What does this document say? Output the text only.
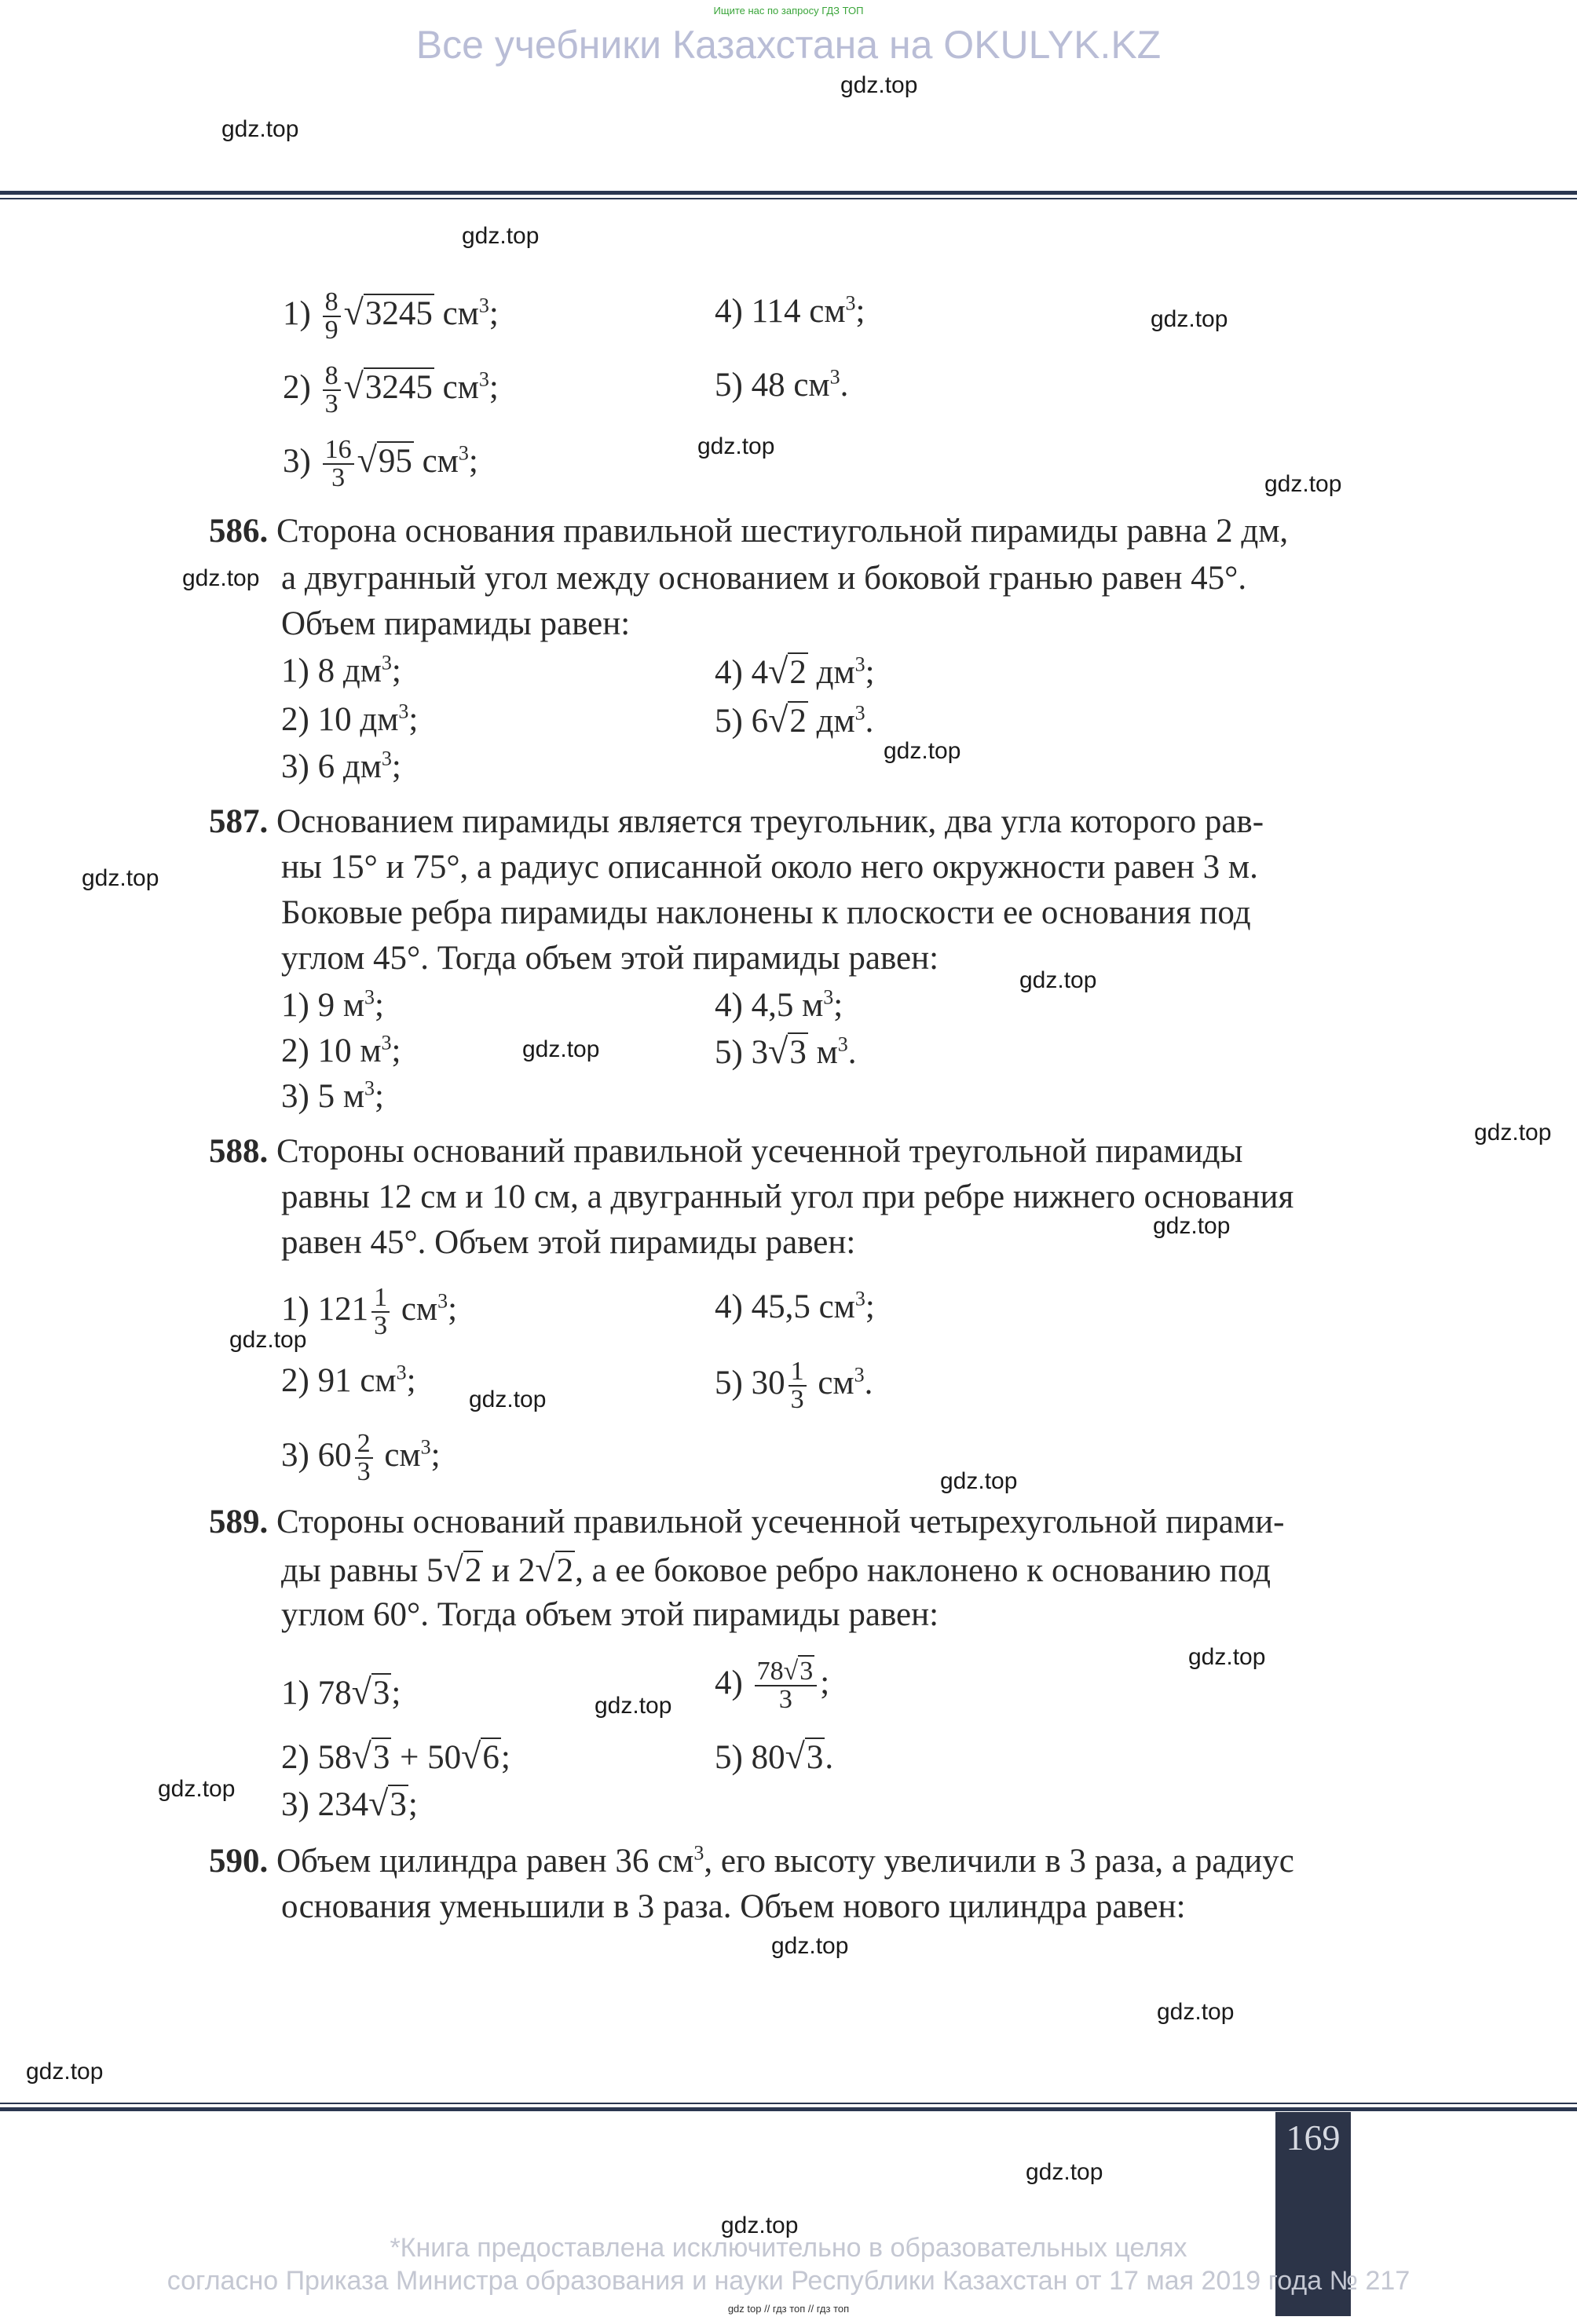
Ищите нас по запросу ГДЗ ТОП
Все учебники Казахстана на OKULYK.KZ
gdz.top
gdz.top
gdz.top
gdz.top
gdz.top
gdz.top
gdz.top
gdz.top
gdz.top
gdz.top
gdz.top
gdz.top
gdz.top
gdz.top
gdz.top
gdz.top
gdz.top
gdz.top
gdz.top
gdz.top
gdz.top
gdz.top
gdz.top
gdz.top
$1) \frac{8}{9} √3245$ $см^3$;
$2) \frac{8}{3} √3245$ $см^3$;
$3) \frac{16}{3} √95$ $см^3$;
4) 114 $см^3$;
5) 48 $см^3$.
586. Сторона основания правильной шестиугольной пирамиды равна 2 дм,
а двугранный угол между основанием и боковой гранью равен 45°.
Объем пирамиды равен:
1) 8 $дм^3$;
2) 10 $дм^3$;
3) 6 $дм^3$;
4) 4√2 $дм^3$;
5) 6√2 $дм^3$.
587. Основанием пирамиды является треугольник, два угла которого рав-
ны 15° и 75°, а радиус описанной около него окружности равен 3 м.
Боковые ребра пирамиды наклонены к плоскости ее основания под
углом 45°. Тогда объем этой пирамиды равен:
1) 9 $м^3$;
2) 10 $м^3$;
3) 5 $м^3$;
4) 4,5 $м^3$;
5) 3√3 $м^3$.
588. Стороны оснований правильной усеченной треугольной пирамиды
равны 12 см и 10 см, а двугранный угол при ребре нижнего основания
равен 45°. Объем этой пирамиды равен:
1) $121 \frac{1}{3} см^3$;
2) 91 $см^3$;
3) $60 \frac{2}{3} см^3$;
4) 45,5 $см^3$;
5) $30 \frac{1}{3} см^3$.
589. Стороны оснований правильной усеченной четырехугольной пирами-
ды равны 5√2 и 2√2, а ее боковое ребро наклонено к основанию под
углом 60°. Тогда объем этой пирамиды равен:
1) 78√3;
2) 58√3 + 50√6;
3) 234√3;
$4) \frac{78√3}{3}$ ;
5) 80√3.
590. Объем цилиндра равен 36 $см^3$, его высоту увеличили в 3 раза, а радиус
основания уменьшили в 3 раза. Объем нового цилиндра равен:
169
*Книга предоставлена исключительно в образовательных целях
согласно Приказа Министра образования и науки Республики Казахстан от 17 мая 2019 года № 217
gdz top // гдз топ // гдз топ
